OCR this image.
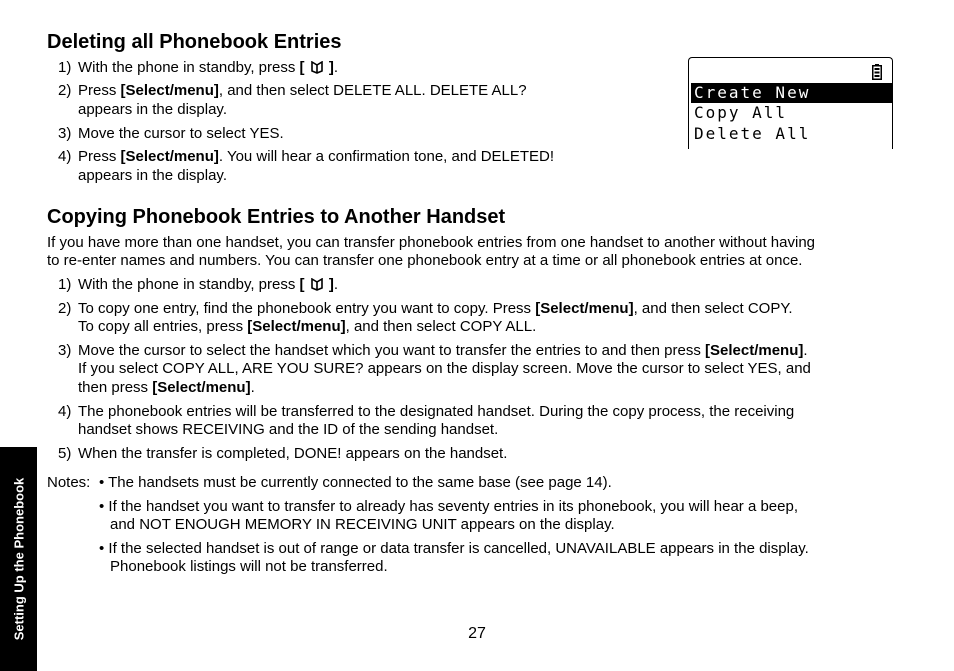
Deleting all Phonebook Entries
1) With the phone in standby, press [  ].
2) Press [Select/menu], and then select DELETE ALL. DELETE ALL?
appears in the display.
3) Move the cursor to select YES.
4) Press [Select/menu]. You will hear a confirmation tone, and DELETED!
appears in the display.
Create New
Copy All
Delete All
Copying Phonebook Entries to Another Handset

If you have more than one handset, you can transfer phonebook entries from one handset to another without having

to re-enter names and numbers. You can transfer one phonebook entry at a time or all phonebook entries at once.

1) With the phone in standby, press [  ].
2) To copy one entry, find the phonebook entry you want to copy. Press [Select/menu], and then select COPY.
To copy all entries, press [Select/menu], and then select COPY ALL.
3) Move the cursor to select the handset which you want to transfer the entries to and then press [Select/menu].
If you select COPY ALL, ARE YOU SURE? appears on the display screen. Move the cursor to select YES, and
then press [Select/menu].
4) The phonebook entries will be transferred to the designated handset. During the copy process, the receiving
handset shows RECEIVING and the ID of the sending handset.
5) When the transfer is completed, DONE! appears on the handset.
Notes: • The handsets must be currently connected to the same base (see page 14).
• If the handset you want to transfer to already has seventy entries in its phonebook, you will hear a beep,
and NOT ENOUGH MEMORY IN RECEIVING UNIT appears on the display.
• If the selected handset is out of range or data transfer is cancelled, UNAVAILABLE appears in the display.
Phonebook listings will not be transferred.
Setting Up the Phonebook	27
